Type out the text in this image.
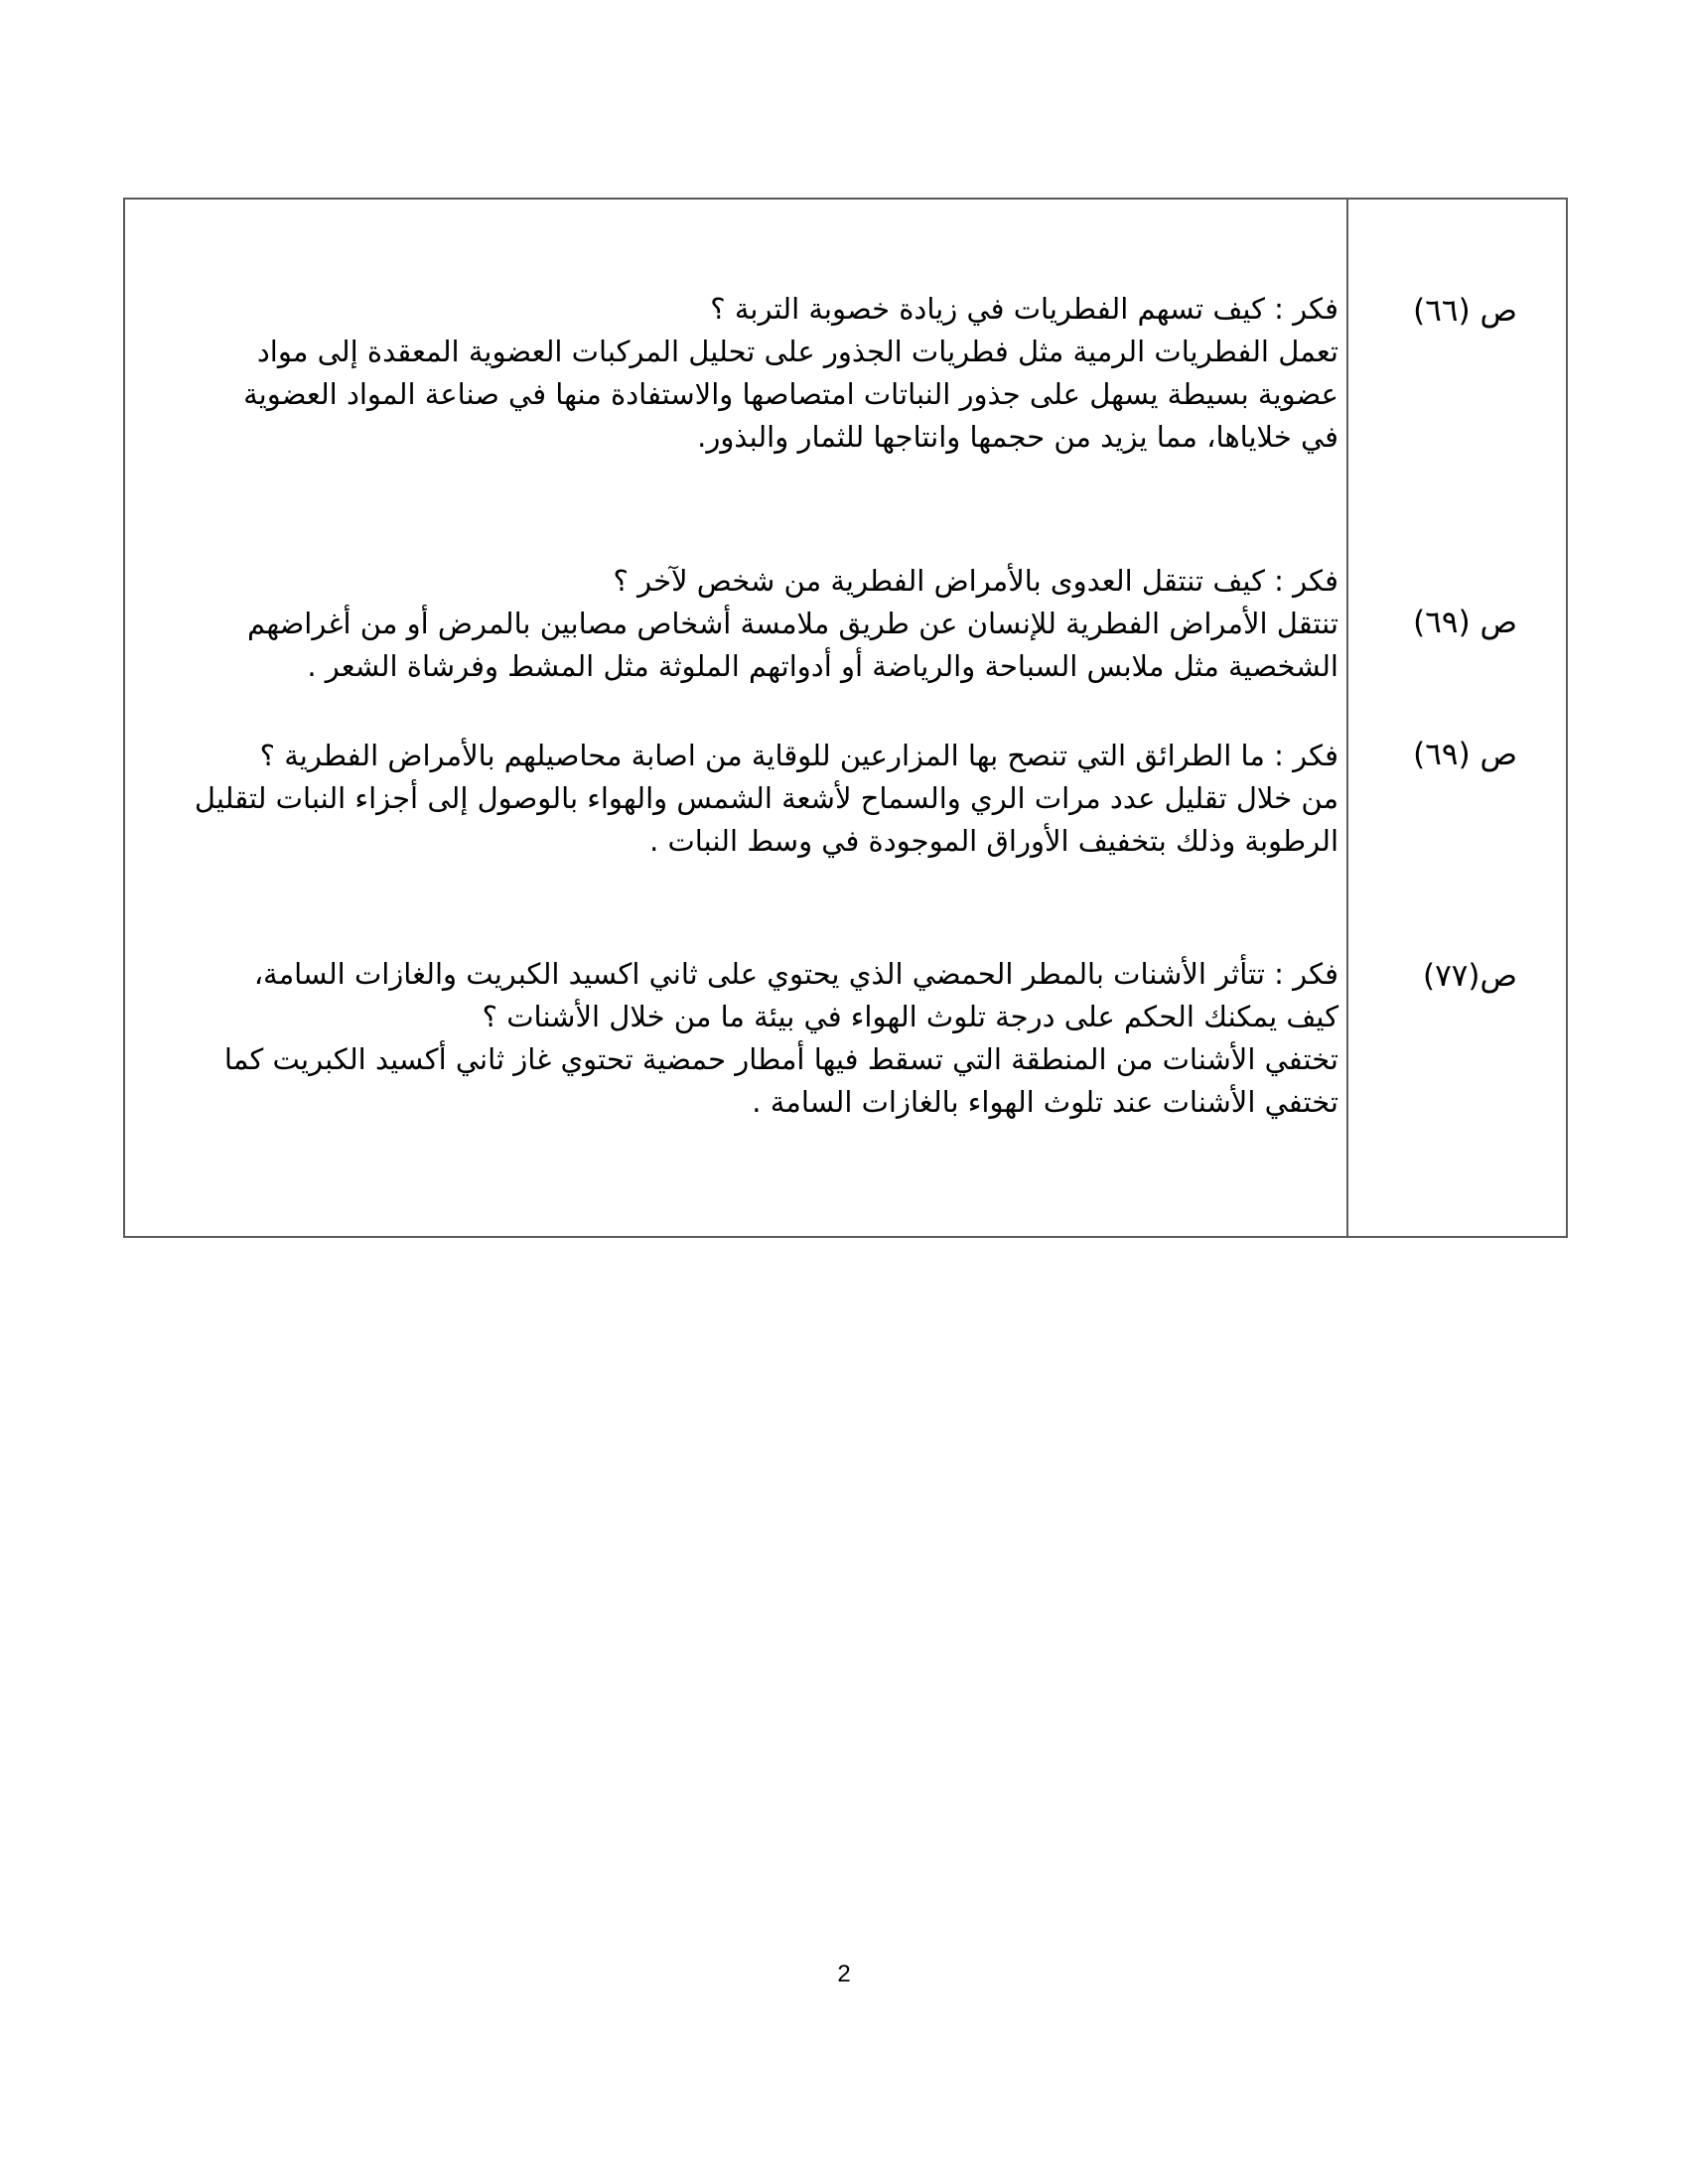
ص (٦٦)

فكر : كيف تسهم الفطريات في زيادة خصوبة التربة ؟

تعمل الفطريات الرمية مثل فطريات الجذور على تحليل المركبات العضوية المعقدة إلى مواد

عضوية بسيطة يسهل على جذور النباتات امتصاصها والاستفادة منها في صناعة المواد العضوية

في خلاياها، مما يزيد من حجمها وانتاجها للثمار والبذور.

ص (٦٩)

فكر : كيف تنتقل العدوى بالأمراض الفطرية من شخص لآخر ؟

تنتقل الأمراض الفطرية للإنسان عن طريق ملامسة أشخاص مصابين بالمرض أو من أغراضهم

الشخصية مثل ملابس السباحة والرياضة أو أدواتهم الملوثة مثل المشط وفرشاة الشعر .

ص (٦٩)

فكر : ما الطرائق التي تنصح بها المزارعين للوقاية من اصابة محاصيلهم بالأمراض الفطرية ؟

من خلال تقليل عدد مرات الري والسماح لأشعة الشمس والهواء بالوصول إلى أجزاء النبات لتقليل

الرطوبة وذلك بتخفيف الأوراق الموجودة في وسط النبات .

ص(٧٧)

فكر : تتأثر الأشنات بالمطر الحمضي الذي يحتوي على ثاني اكسيد الكبريت والغازات السامة،

كيف يمكنك الحكم على درجة تلوث الهواء في بيئة ما من خلال الأشنات ؟

تختفي الأشنات من المنطقة التي تسقط فيها أمطار حمضية تحتوي غاز ثاني أكسيد الكبريت كما

تختفي الأشنات عند تلوث الهواء بالغازات السامة .

2
